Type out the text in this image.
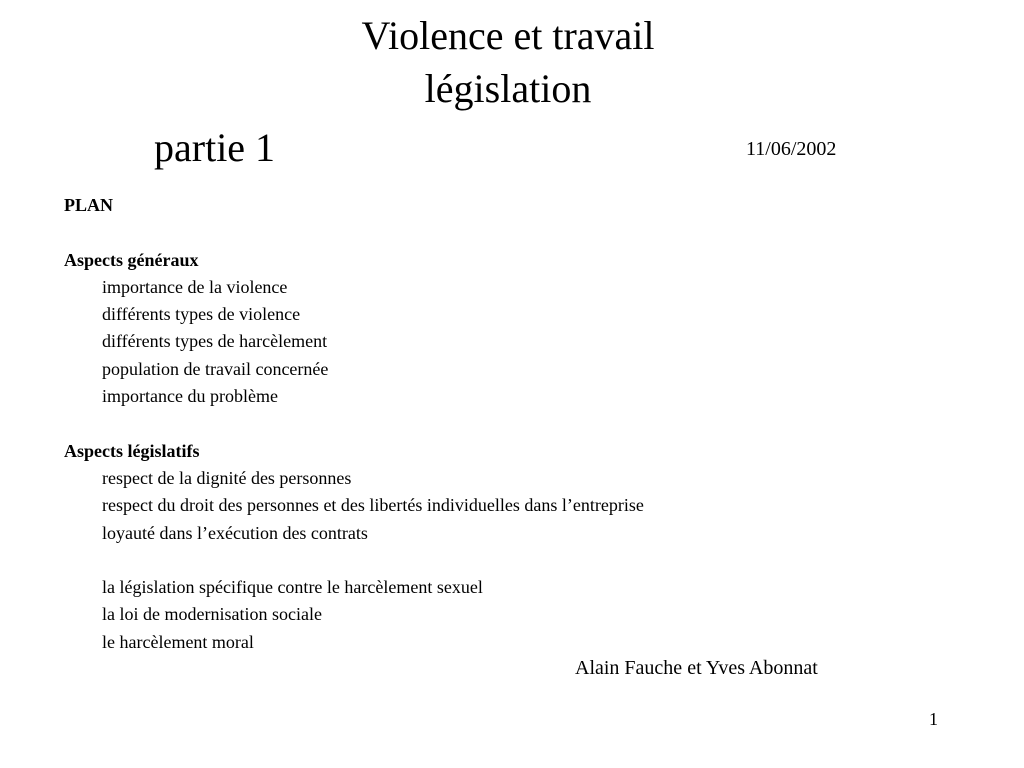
Violence et travail
législation
partie 1	11/06/2002
PLAN
Aspects généraux
importance de la violence
différents types de violence
différents types de harcèlement
population de travail concernée
importance du problème
Aspects législatifs
respect de la dignité des personnes
respect du droit des personnes et des libertés individuelles dans l’entreprise
loyauté dans l’exécution des contrats
la législation spécifique contre le harcèlement sexuel
la loi de modernisation sociale
le harcèlement moral
Alain Fauche et Yves Abonnat
1
